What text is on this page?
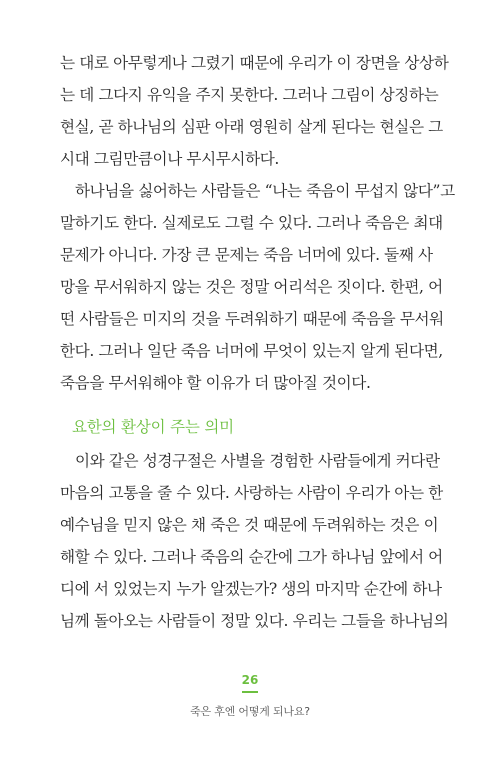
는 대로 아무렇게나 그렸기 때문에 우리가 이 장면을 상상하
는 데 그다지 유익을 주지 못한다. 그러나 그림이 상징하는
현실, 곧 하나님의 심판 아래 영원히 살게 된다는 현실은 그
시대 그림만큼이나 무시무시하다.
하나님을 싫어하는 사람들은 “나는 죽음이 무섭지 않다”고
말하기도 한다. 실제로도 그럴 수 있다. 그러나 죽음은 최대
문제가 아니다. 가장 큰 문제는 죽음 너머에 있다. 둘째 사
망을 무서워하지 않는 것은 정말 어리석은 짓이다. 한편, 어
떤 사람들은 미지의 것을 두려워하기 때문에 죽음을 무서워
한다. 그러나 일단 죽음 너머에 무엇이 있는지 알게 된다면,
죽음을 무서워해야 할 이유가 더 많아질 것이다.
요한의 환상이 주는 의미
이와 같은 성경구절은 사별을 경험한 사람들에게 커다란
마음의 고통을 줄 수 있다. 사랑하는 사람이 우리가 아는 한
예수님을 믿지 않은 채 죽은 것 때문에 두려워하는 것은 이
해할 수 있다. 그러나 죽음의 순간에 그가 하나님 앞에서 어
디에 서 있었는지 누가 알겠는가? 생의 마지막 순간에 하나
님께 돌아오는 사람들이 정말 있다. 우리는 그들을 하나님의
26
죽은 후엔 어떻게 되나요?
